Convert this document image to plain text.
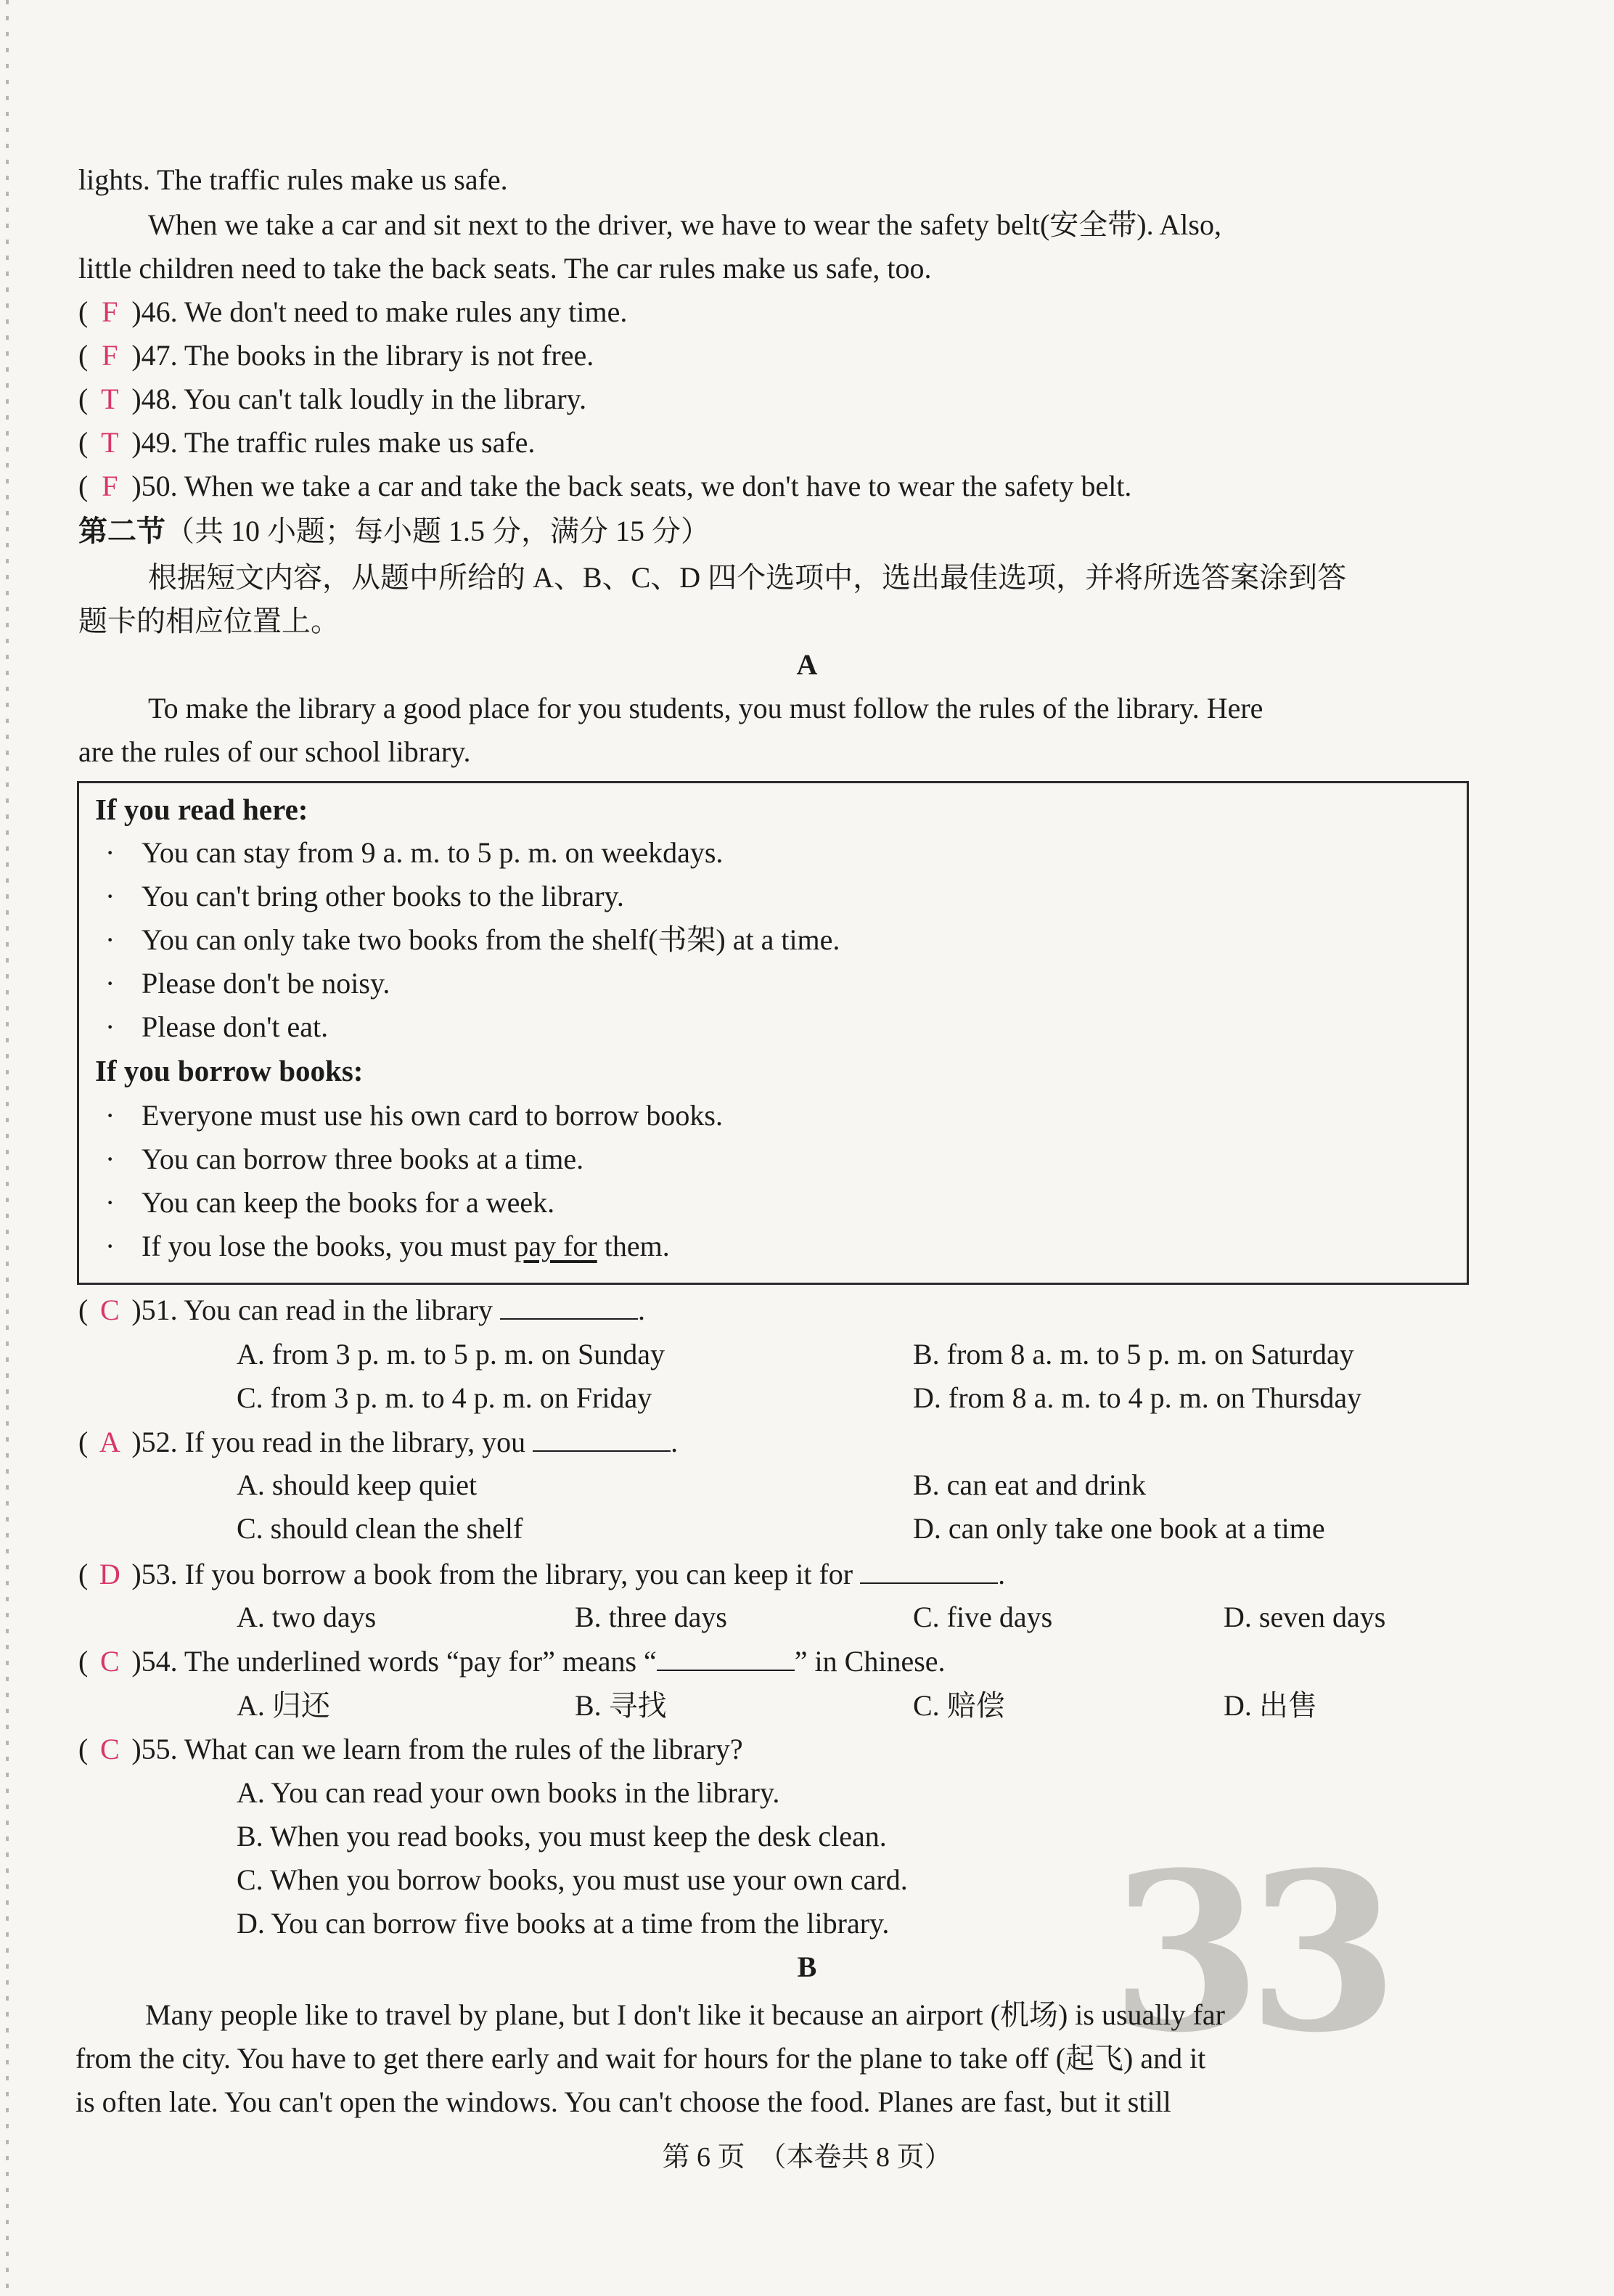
lights. The traffic rules make us safe.
When we take a car and sit next to the driver, we have to wear the safety belt(安全带). Also,
little children need to take the back seats. The car rules make us safe, too.
( F )46. We don't need to make rules any time.
( F )47. The books in the library is not free.
( T )48. You can't talk loudly in the library.
( T )49. The traffic rules make us safe.
( F )50. When we take a car and take the back seats, we don't have to wear the safety belt.
第二节（共 10 小题；每小题 1.5 分，满分 15 分）
根据短文内容，从题中所给的 A、B、C、D 四个选项中，选出最佳选项，并将所选答案涂到答
题卡的相应位置上。
A
To make the library a good place for you students, you must follow the rules of the library. Here
are the rules of our school library.
If you read here:
· You can stay from 9 a. m. to 5 p. m. on weekdays.
· You can't bring other books to the library.
· You can only take two books from the shelf(书架) at a time.
· Please don't be noisy.
· Please don't eat.
If you borrow books:
· Everyone must use his own card to borrow books.
· You can borrow three books at a time.
· You can keep the books for a week.
· If you lose the books, you must pay for them.
( C )51. You can read in the library	.
A. from 3 p. m. to 5 p. m. on Sunday	B. from 8 a. m. to 5 p. m. on Saturday
C. from 3 p. m. to 4 p. m. on Friday	D. from 8 a. m. to 4 p. m. on Thursday
( A )52. If you read in the library, you	.
A. should keep quiet	B. can eat and drink
C. should clean the shelf	D. can only take one book at a time
( D )53. If you borrow a book from the library, you can keep it for	.
A. two days	B. three days	C. five days	D. seven days
( C )54. The underlined words “pay for” means “	” in Chinese.
A. 归还	B. 寻找	C. 赔偿	D. 出售
( C )55. What can we learn from the rules of the library?
A. You can read your own books in the library.
B. When you read books, you must keep the desk clean.
C. When you borrow books, you must use your own card.
D. You can borrow five books at a time from the library. 33
B
Many people like to travel by plane, but I don't like it because an airport (机场) is usually far
from the city. You have to get there early and wait for hours for the plane to take off (起飞) and it
is often late. You can't open the windows. You can't choose the food. Planes are fast, but it still
第 6 页　（本卷共 8 页）
